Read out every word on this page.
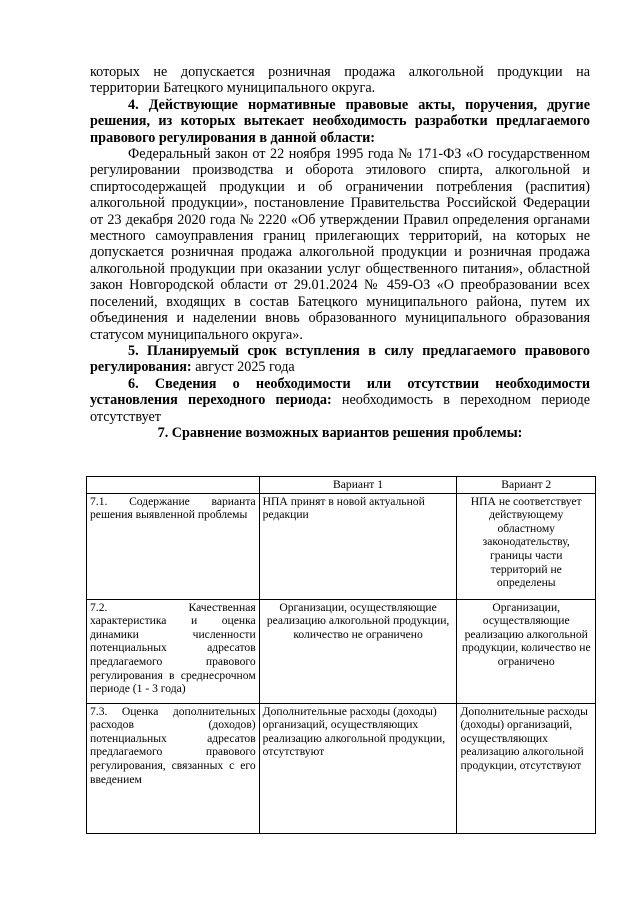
которых не допускается розничная продажа алкогольной продукции на территории Батецкого муниципального округа.

4. Действующие нормативные правовые акты, поручения, другие решения, из которых вытекает необходимость разработки предлагаемого правового регулирования в данной области:

Федеральный закон от 22 ноября 1995 года № 171-ФЗ «О государственном регулировании производства и оборота этилового спирта, алкогольной и спиртосодержащей продукции и об ограничении потребления (распития) алкогольной продукции», постановление Правительства Российской Федерации от 23 декабря 2020 года № 2220 «Об утверждении Правил определения органами местного самоуправления границ прилегающих территорий, на которых не допускается розничная продажа алкогольной продукции и розничная продажа алкогольной продукции при оказании услуг общественного питания», областной закон Новгородской области от 29.01.2024 № 459-ОЗ «О преобразовании всех поселений, входящих в состав Батецкого муниципального района, путем их объединения и наделении вновь образованного муниципального образования статусом муниципального округа».

5. Планируемый срок вступления в силу предлагаемого правового регулирования: август 2025 года

6. Сведения о необходимости или отсутствии необходимости установления переходного периода: необходимость в переходном периоде отсутствует

7. Сравнение возможных вариантов решения проблемы:

	Вариант 1	Вариант 2
7.1. Содержание варианта решения выявленной проблемы	НПА принят в новой актуальной редакции	НПА не соответствует действующему областному законодательству, границы части территорий не определены
7.2. Качественная характеристика и оценка динамики численности потенциальных адресатов предлагаемого правового регулирования в среднесрочном периоде (1 - 3 года)	Организации, осуществляющие реализацию алкогольной продукции, количество не ограничено	Организации, осуществляющие реализацию алкогольной продукции, количество не ограничено
7.3. Оценка дополнительных расходов (доходов) потенциальных адресатов предлагаемого правового регулирования, связанных с его введением	Дополнительные расходы (доходы) организаций, осуществляющих реализацию алкогольной продукции, отсутствуют	Дополнительные расходы (доходы) организаций, осуществляющих реализацию алкогольной продукции, отсутствуют
